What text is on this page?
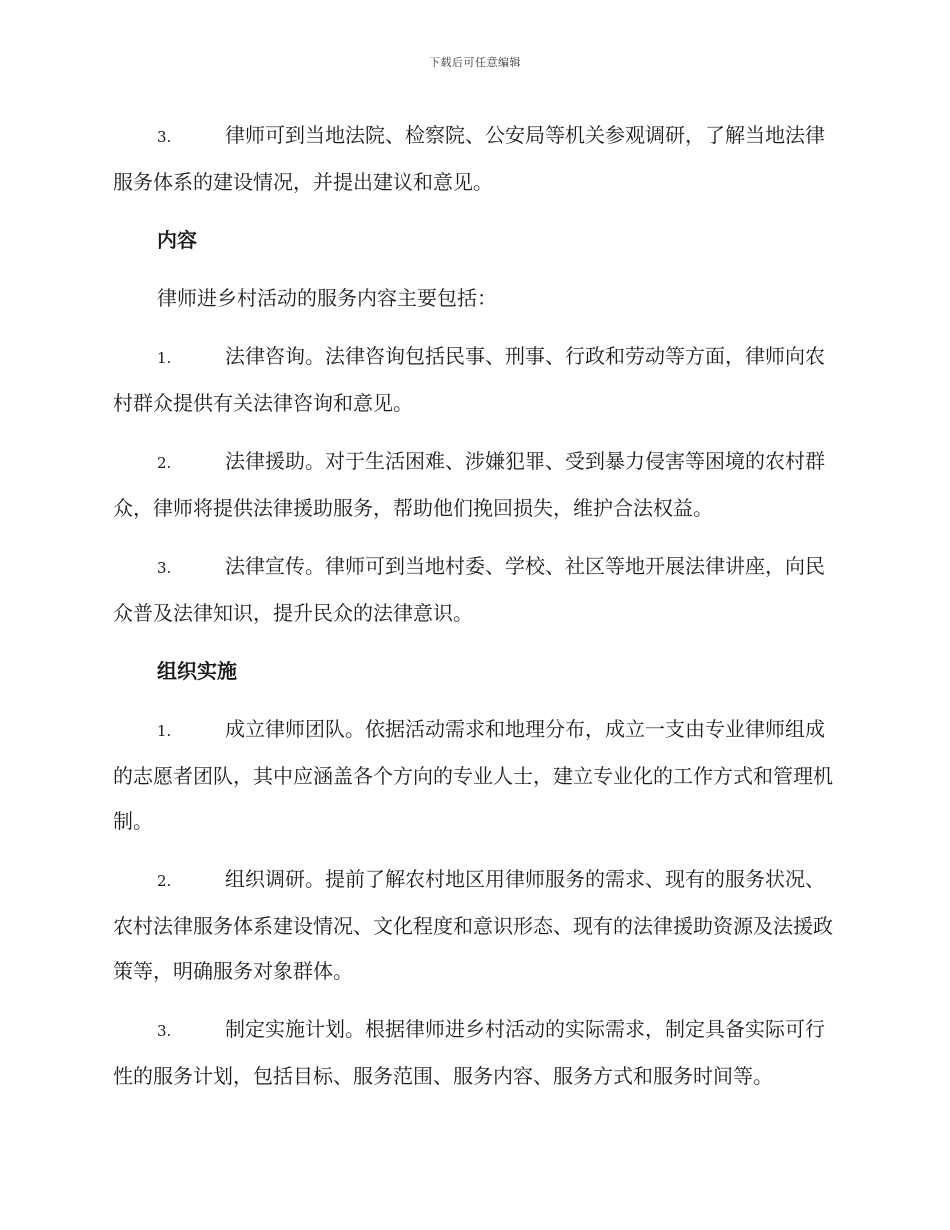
下载后可任意编辑

3.	律师可到当地法院、检察院、公安局等机关参观调研，了解当地法律服务体系的建设情况，并提出建议和意见。

内容

律师进乡村活动的服务内容主要包括：

1.	法律咨询。法律咨询包括民事、刑事、行政和劳动等方面，律师向农村群众提供有关法律咨询和意见。

2.	法律援助。对于生活困难、涉嫌犯罪、受到暴力侵害等困境的农村群众，律师将提供法律援助服务，帮助他们挽回损失，维护合法权益。

3.	法律宣传。律师可到当地村委、学校、社区等地开展法律讲座，向民众普及法律知识，提升民众的法律意识。

组织实施

1.	成立律师团队。依据活动需求和地理分布，成立一支由专业律师组成的志愿者团队，其中应涵盖各个方向的专业人士，建立专业化的工作方式和管理机制。

2.	组织调研。提前了解农村地区用律师服务的需求、现有的服务状况、农村法律服务体系建设情况、文化程度和意识形态、现有的法律援助资源及法援政策等，明确服务对象群体。

3.	制定实施计划。根据律师进乡村活动的实际需求，制定具备实际可行性的服务计划，包括目标、服务范围、服务内容、服务方式和服务时间等。
